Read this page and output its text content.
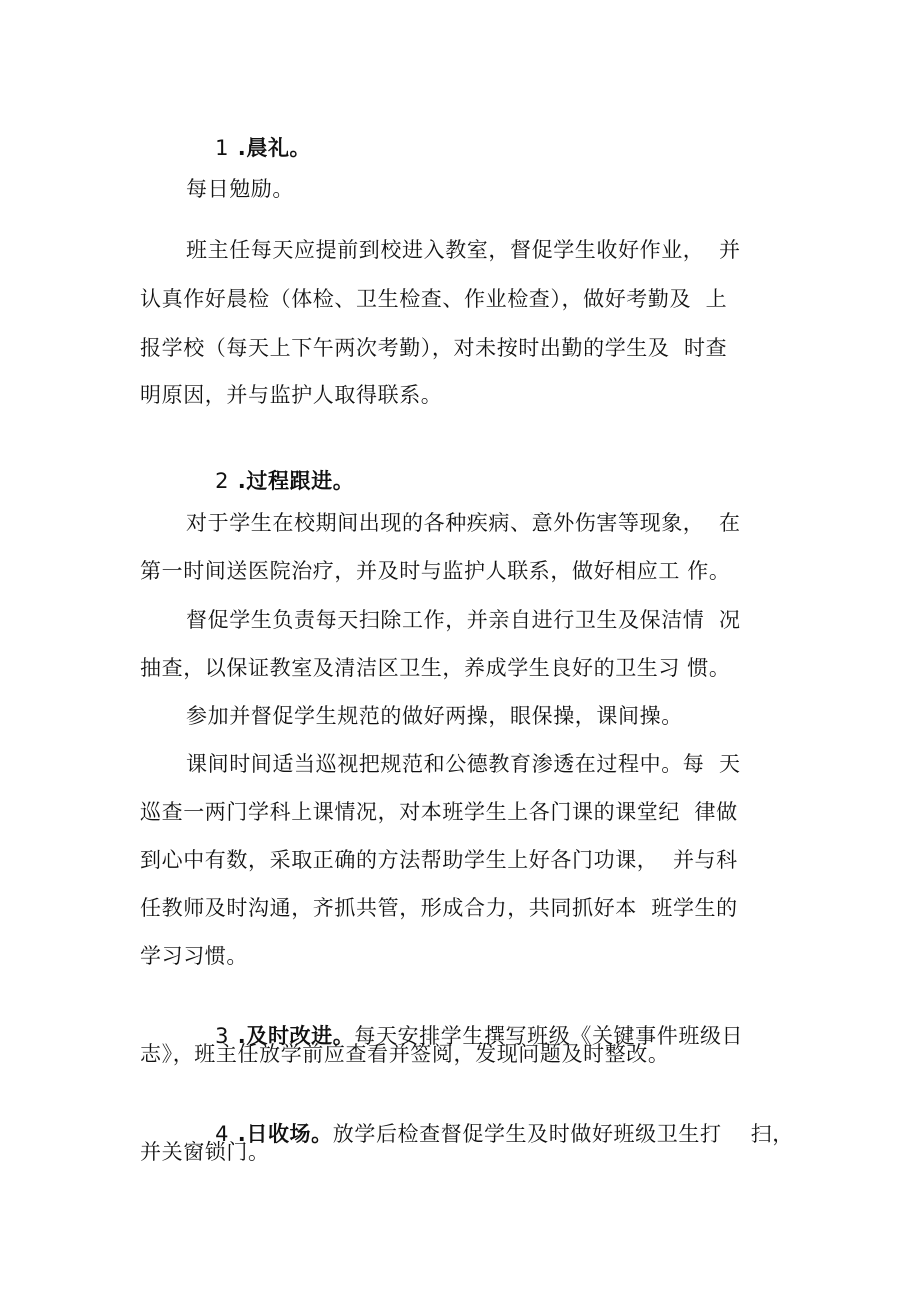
1 .晨礼。

每日勉励。
班主任每天应提前到校进入教室，督促学生收好作业，  并
认真作好晨检（体检、卫生检查、作业检查），做好考勤及  上
报学校（每天上下午两次考勤），对未按时出勤的学生及  时查
明原因，并与监护人取得联系。

2 .过程跟进。

对于学生在校期间出现的各种疾病、意外伤害等现象，  在
第一时间送医院治疗，并及时与监护人联系，做好相应工 作。
督促学生负责每天扫除工作，并亲自进行卫生及保洁情  况
抽查，以保证教室及清洁区卫生，养成学生良好的卫生习 惯。
参加并督促学生规范的做好两操，眼保操，课间操。
课间时间适当巡视把规范和公德教育渗透在过程中。每  天
巡查一两门学科上课情况，对本班学生上各门课的课堂纪  律做
到心中有数，采取正确的方法帮助学生上好各门功课，  并与科
任教师及时沟通，齐抓共管，形成合力，共同抓好本  班学生的
学习习惯。

3 .及时改进。每天安排学生撰写班级《关键事件班级日

志》，班主任放学前应查看并签阅，发现问题及时整改。

4 .日收场。放学后检查督促学生及时做好班级卫生打    扫，

并关窗锁门。
